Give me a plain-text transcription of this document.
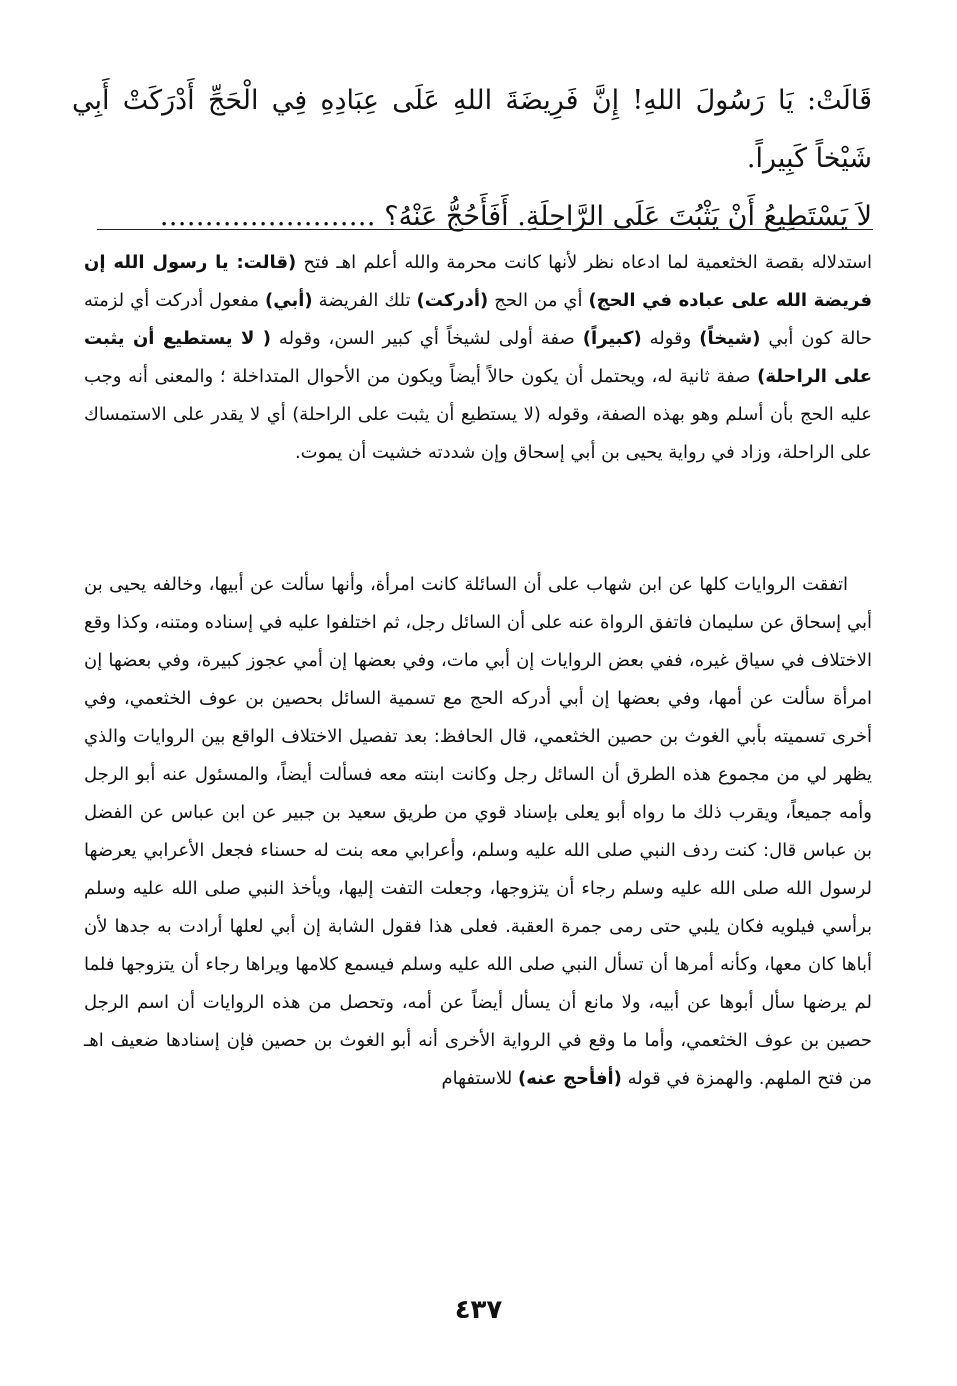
قَالَتْ: يَا رَسُولَ اللهِ! إِنَّ فَرِيضَةَ اللهِ عَلَى عِبَادِهِ فِي الْحَجِّ أَدْرَكَتْ أَبِي شَيْخاً كَبِيراً.

لاَ يَسْتَطِيعُ أَنْ يَثْبُتَ عَلَى الرَّاحِلَةِ. أَفَأَحُجُّ عَنْهُ؟ ……………………

استدلاله بقصة الخثعمية لما ادعاه نظر لأنها كانت محرمة والله أعلم اهـ فتح (قالت: يا رسول الله إن فريضة الله على عباده في الحج) أي من الحج (أدركت) تلك الفريضة (أبي) مفعول أدركت أي لزمته حالة كون أبي (شيخاً) وقوله (كبيراً) صفة أولى لشيخاً أي كبير السن، وقوله ( لا يستطيع أن يثبت على الراحلة) صفة ثانية له، ويحتمل أن يكون حالاً أيضاً ويكون من الأحوال المتداخلة ؛ والمعنى أنه وجب عليه الحج بأن أسلم وهو بهذه الصفة، وقوله (لا يستطيع أن يثبت على الراحلة) أي لا يقدر على الاستمساك على الراحلة، وزاد في رواية يحيى بن أبي إسحاق وإن شددته خشيت أن يموت.

اتفقت الروايات كلها عن ابن شهاب على أن السائلة كانت امرأة، وأنها سألت عن أبيها، وخالفه يحيى بن أبي إسحاق عن سليمان فاتفق الرواة عنه على أن السائل رجل، ثم اختلفوا عليه في إسناده ومتنه، وكذا وقع الاختلاف في سياق غيره، ففي بعض الروايات إن أبي مات، وفي بعضها إن أمي عجوز كبيرة، وفي بعضها إن امرأة سألت عن أمها، وفي بعضها إن أبي أدركه الحج مع تسمية السائل بحصين بن عوف الخثعمي، وفي أخرى تسميته بأبي الغوث بن حصين الخثعمي، قال الحافظ: بعد تفصيل الاختلاف الواقع بين الروايات والذي يظهر لي من مجموع هذه الطرق أن السائل رجل وكانت ابنته معه فسألت أيضاً، والمسئول عنه أبو الرجل وأمه جميعاً، ويقرب ذلك ما رواه أبو يعلى بإسناد قوي من طريق سعيد بن جبير عن ابن عباس عن الفضل بن عباس قال: كنت ردف النبي صلى الله عليه وسلم، وأعرابي معه بنت له حسناء فجعل الأعرابي يعرضها لرسول الله صلى الله عليه وسلم رجاء أن يتزوجها، وجعلت التفت إليها، ويأخذ النبي صلى الله عليه وسلم برأسي فيلويه فكان يلبي حتى رمى جمرة العقبة. فعلى هذا فقول الشابة إن أبي لعلها أرادت به جدها لأن أباها كان معها، وكأنه أمرها أن تسأل النبي صلى الله عليه وسلم فيسمع كلامها ويراها رجاء أن يتزوجها فلما لم يرضها سأل أبوها عن أبيه، ولا مانع أن يسأل أيضاً عن أمه، وتحصل من هذه الروايات أن اسم الرجل حصين بن عوف الخثعمي، وأما ما وقع في الرواية الأخرى أنه أبو الغوث بن حصين فإن إسنادها ضعيف اهـ من فتح الملهم. والهمزة في قوله (أفأحج عنه) للاستفهام

٤٣٧
